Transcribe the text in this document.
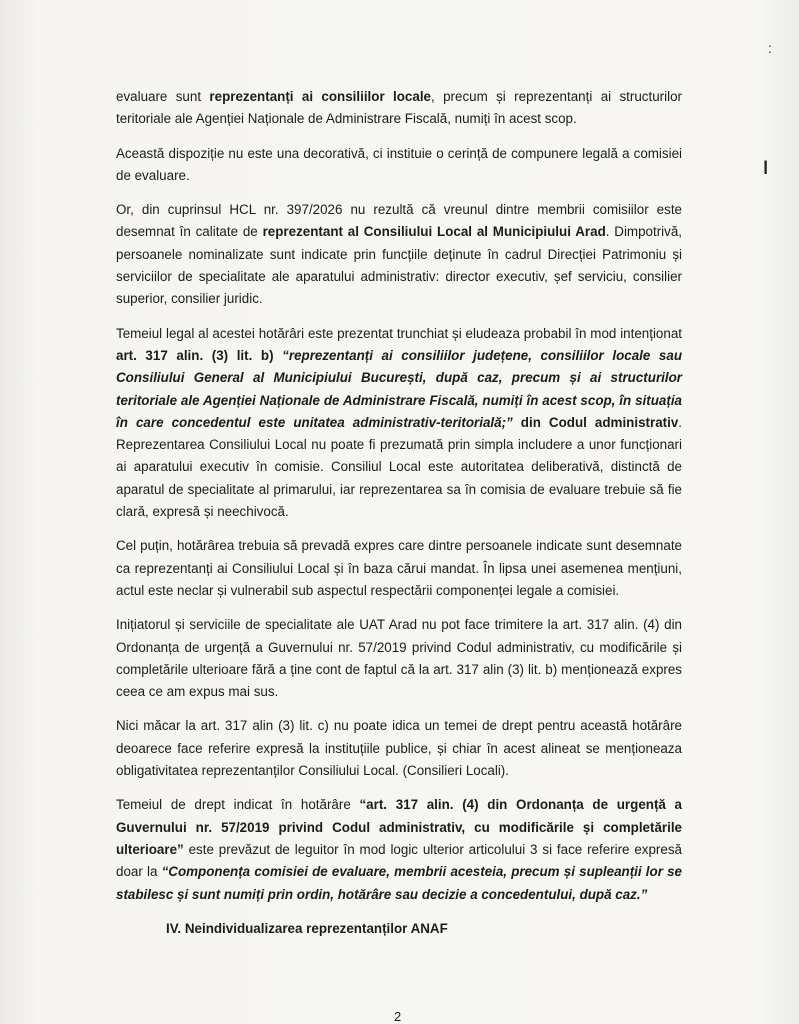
:
ı

evaluare sunt reprezentanți ai consiliilor locale, precum și reprezentanți ai structurilor teritoriale ale Agenției Naționale de Administrare Fiscală, numiți în acest scop.

Această dispoziție nu este una decorativă, ci instituie o cerință de compunere legală a comisiei de evaluare.

Or, din cuprinsul HCL nr. 397/2026 nu rezultă că vreunul dintre membrii comisiilor este desemnat în calitate de reprezentant al Consiliului Local al Municipiului Arad. Dimpotrivă, persoanele nominalizate sunt indicate prin funcțiile deținute în cadrul Direcției Patrimoniu și serviciilor de specialitate ale aparatului administrativ: director executiv, șef serviciu, consilier superior, consilier juridic.

Temeiul legal al acestei hotărâri este prezentat trunchiat și eludeaza probabil în mod intenționat art. 317 alin. (3) lit. b) “reprezentanți ai consiliilor județene, consiliilor locale sau Consiliului General al Municipiului București, după caz, precum și ai structurilor teritoriale ale Agenției Naționale de Administrare Fiscală, numiți în acest scop, în situația în care concedentul este unitatea administrativ-teritorială;” din Codul administrativ. Reprezentarea Consiliului Local nu poate fi prezumată prin simpla includere a unor funcționari ai aparatului executiv în comisie. Consiliul Local este autoritatea deliberativă, distinctă de aparatul de specialitate al primarului, iar reprezentarea sa în comisia de evaluare trebuie să fie clară, expresă și neechivocă.

Cel puțin, hotărârea trebuia să prevadă expres care dintre persoanele indicate sunt desemnate ca reprezentanți ai Consiliului Local și în baza cărui mandat. În lipsa unei asemenea mențiuni, actul este neclar și vulnerabil sub aspectul respectării componenței legale a comisiei.

Inițiatorul și serviciile de specialitate ale UAT Arad nu pot face trimitere la art. 317 alin. (4) din Ordonanța de urgență a Guvernului nr. 57/2019 privind Codul administrativ, cu modificările și completările ulterioare fără a ține cont de faptul că la art. 317 alin (3) lit. b) menționează expres ceea ce am expus mai sus.

Nici măcar la art. 317 alin (3) lit. c) nu poate idica un temei de drept pentru această hotărâre deoarece face referire expresă la instituțiile publice, și chiar în acest alineat se menționeaza obligativitatea reprezentanților Consiliului Local. (Consilieri Locali).

Temeiul de drept indicat în hotărâre “art. 317 alin. (4) din Ordonanța de urgență a Guvernului nr. 57/2019 privind Codul administrativ, cu modificările și completările ulterioare” este prevăzut de leguitor în mod logic ulterior articolului 3 si face referire expresă doar la “Componența comisiei de evaluare, membrii acesteia, precum și supleanții lor se stabilesc și sunt numiți prin ordin, hotărâre sau decizie a concedentului, după caz.”

IV. Neindividualizarea reprezentanților ANAF

2
